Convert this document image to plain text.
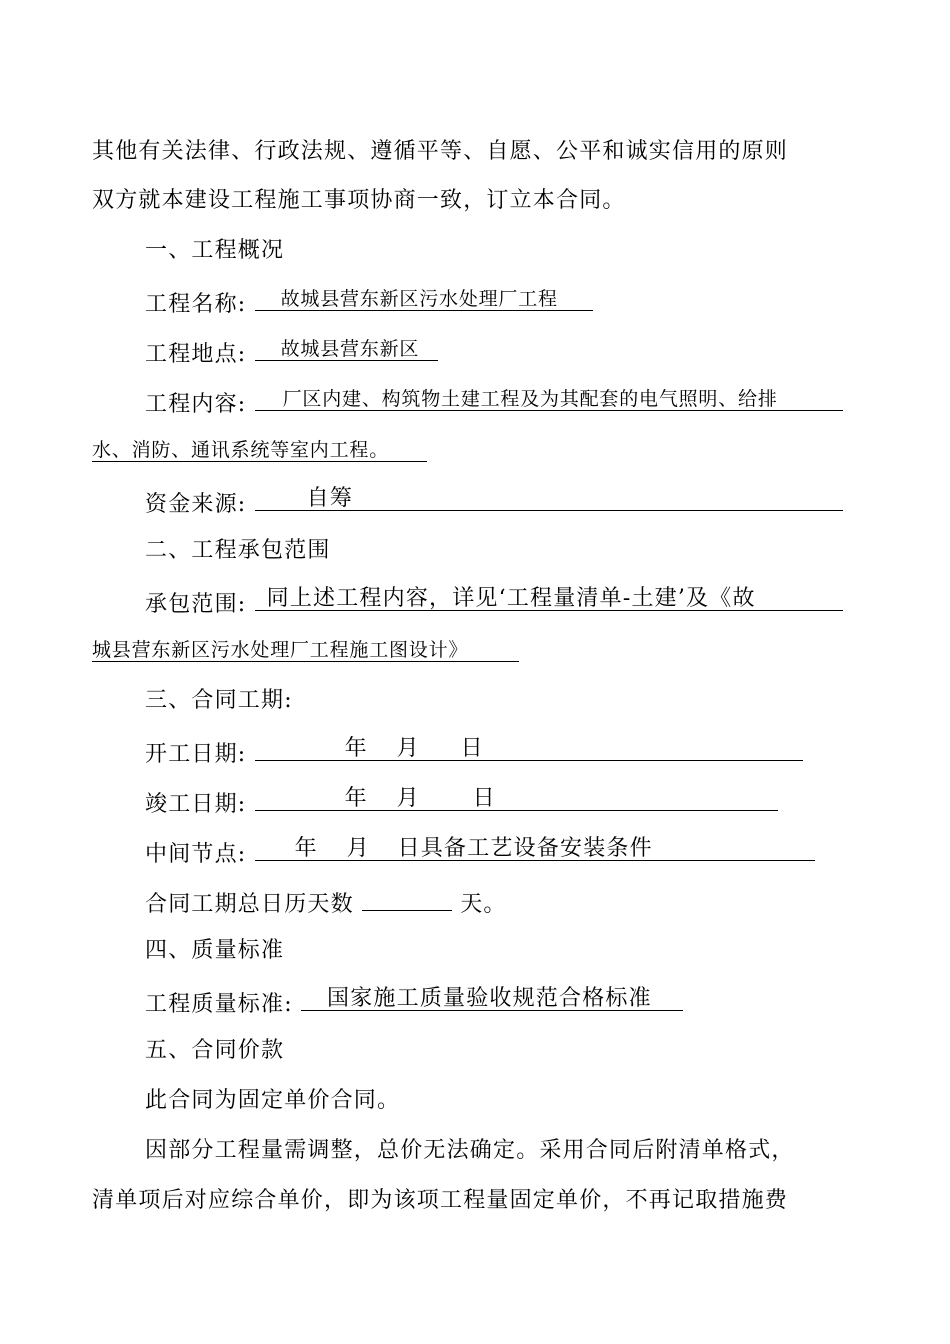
其他有关法律、行政法规、遵循平等、自愿、公平和诚实信用的原则
双方就本建设工程施工事项协商一致，订立本合同。
一、工程概况
工程名称: 故城县营东新区污水处理厂工程
工程地点: 故城县营东新区
工程内容: 厂区内建、构筑物土建工程及为其配套的电气照明、给排
水、消防、通讯系统等室内工程。
资金来源:	自筹
二、工程承包范围
承包范围: 同上述工程内容，详见‘工程量清单-土建’及《故
城县营东新区污水处理厂工程施工图设计》
三、合同工期:
开工日期:	年 月 日
竣工日期:	年 月 日
中间节点: 年 月 日具备工艺设备安装条件
合同工期总日历天数	天。
四、质量标准
工程质量标准: 国家施工质量验收规范合格标准
五、合同价款
此合同为固定单价合同。
因部分工程量需调整，总价无法确定。采用合同后附清单格式，
清单项后对应综合单价，即为该项工程量固定单价，不再记取措施费
